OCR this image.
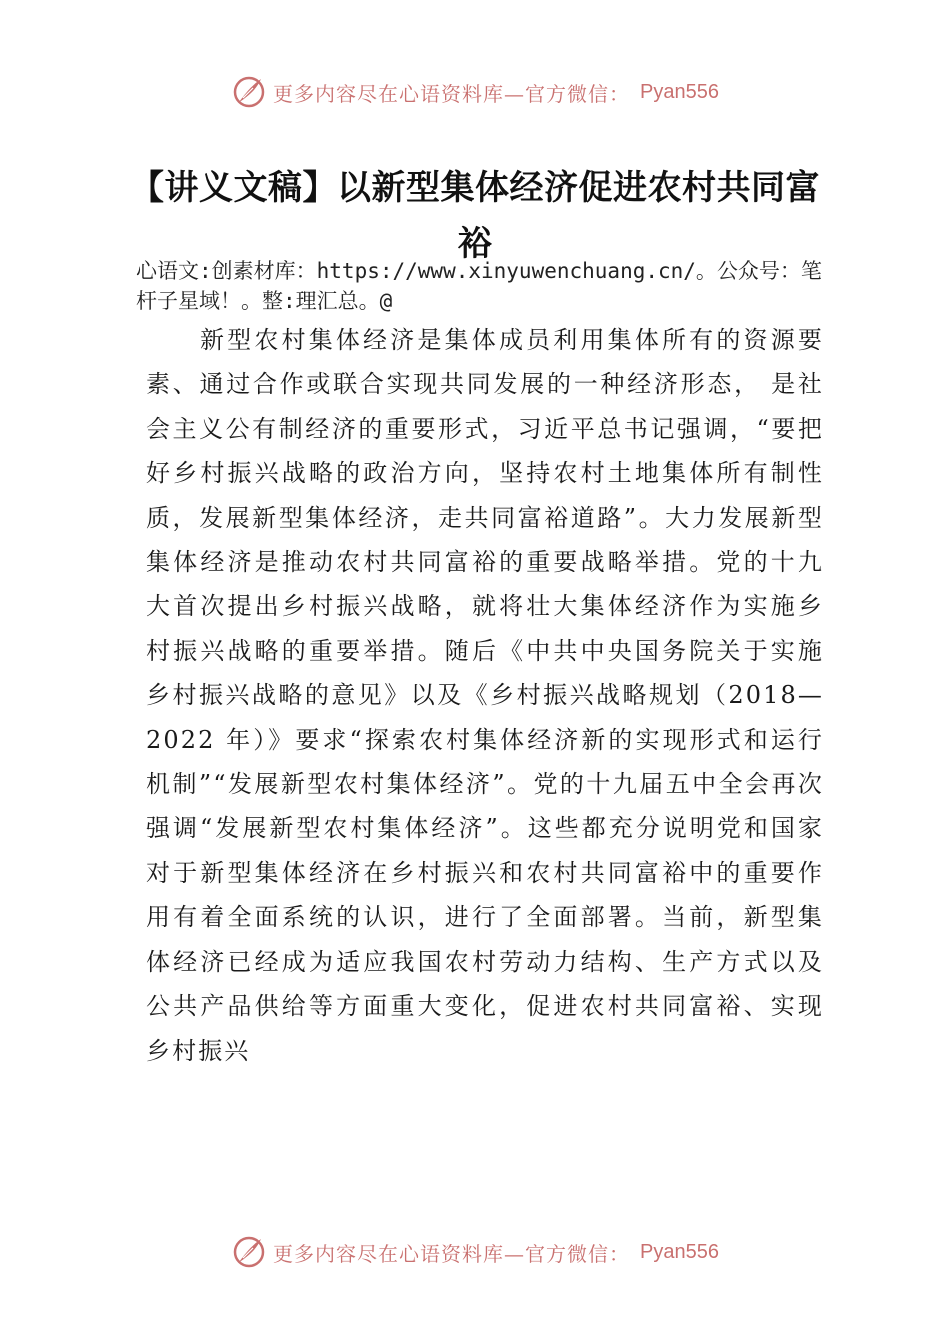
更多内容尽在心语资料库—官方微信： Pyan556
【讲义文稿】以新型集体经济促进农村共同富裕

心语文:创素材库：https://www.xinyuwenchuang.cn/。公众号：笔杆子星域！。整:理汇总。@

新型农村集体经济是集体成员利用集体所有的资源要素、通过合作或联合实现共同发展的一种经济形态， 是社会主义公有制经济的重要形式，习近平总书记强调，“要把好乡村振兴战略的政治方向，坚持农村土地集体所有制性质，发展新型集体经济，走共同富裕道路”。大力发展新型集体经济是推动农村共同富裕的重要战略举措。党的十九大首次提出乡村振兴战略，就将壮大集体经济作为实施乡村振兴战略的重要举措。随后《中共中央国务院关于实施乡村振兴战略的意见》以及《乡村振兴战略规划（2018—2022 年）》要求“探索农村集体经济新的实现形式和运行机制”“发展新型农村集体经济”。党的十九届五中全会再次强调“发展新型农村集体经济”。这些都充分说明党和国家对于新型集体经济在乡村振兴和农村共同富裕中的重要作用有着全面系统的认识，进行了全面部署。当前，新型集体经济已经成为适应我国农村劳动力结构、生产方式以及公共产品供给等方面重大变化，促进农村共同富裕、实现乡村振兴

更多内容尽在心语资料库—官方微信： Pyan556
